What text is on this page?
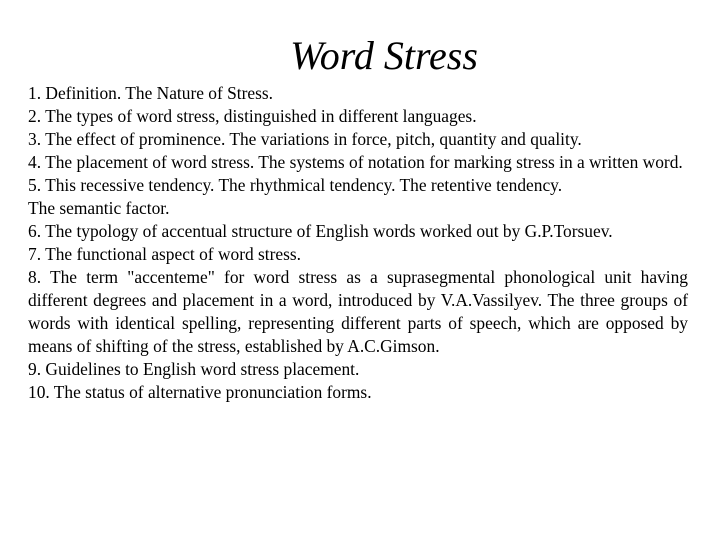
Word Stress
1. Definition. The Nature of Stress.
2. The types of word stress, distinguished in different languages.
3. The effect of prominence. The variations in force, pitch, quantity and quality.
4. The placement of word stress. The systems of notation for marking stress in a written word.
5. This recessive tendency. The rhythmical tendency. The retentive tendency.
The semantic factor.
6. The typology of accentual structure of English words worked out by G.P.Torsuev.
7. The functional aspect of word stress.
8. The term "accenteme" for word stress as a suprasegmental phonological unit having different degrees and placement in a word, introduced by V.A.Vassilyev. The three groups of words with identical spelling, representing different parts of speech, which are opposed by means of shifting of the stress, established by A.C.Gimson.
9. Guidelines to English word stress placement.
10. The status of alternative pronunciation forms.
